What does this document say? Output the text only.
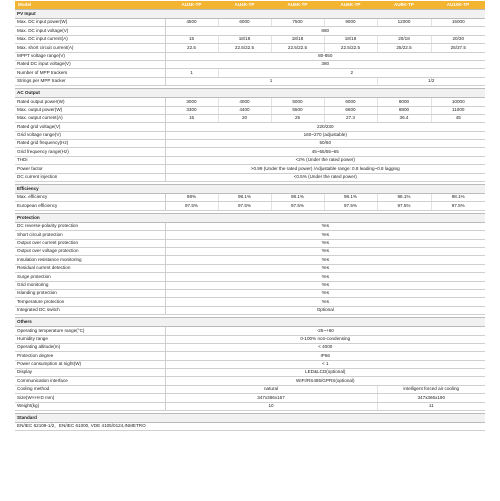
Model	AU3K-TP	AU4K-TP	AU5K-TP	AU6K-TP	AU8K-TP	AU10K-TP
PV Input						
Max. DC input power(W)	4500	6000	7500	9000	12000	15000
Max. DC input voltage(V)	880					
Max. DC input current(A)	15	18/18	18/18	18/18	20/18	20/30
Max. short circuit current(A)	22.5	22.5/22.5	22.5/22.5	22.5/22.5	25/22.5	25/37.5
MPPT voltage range(V)	80-850					
Rated DC input voltage(V)	380					
Number of MPP trackers	1	2				
Strings per MPP tracker	1				1/2	

AC Output						
Rated output power(W)	3000	4000	5000	6000	8000	10000
Max. output power(W)	3300	4400	5500	6600	8800	11000
Max. output current(A)	15	20	25	27.3	36.4	45
Rated grid voltage(V)	220/230					
Grid voltage range(V)	160~270 (adjustable)					
Rated grid frequency(Hz)	50/60					
Grid frequency range(Hz)	45~55/55~65					
THDi	<2% (Under the rated power)					
Power factor	>0.99 (Under the rated power) /Adjustable range: 0.8 leading~0.8 lagging					
DC current injection	<0.5% (Under the rated power)					

Efficiency						
Max. efficiency	98%	98.1%	98.1%	98.1%	98.1%	98.1%
European efficiency	97.5%	97.5%	97.5%	97.5%	97.5%	97.5%

Protection						
DC reverse-polarity protection	Yes					
Short circuit protection	Yes					
Output over current protection	Yes					
Output over voltage protection	Yes					
Insulation resistance monitoring	Yes					
Residual current detection	Yes					
Surge protection	Yes					
Grid monitoring	Yes					
Islanding protection	Yes					
Temperature protection	Yes					
Integrated DC switch	Optional					

Others						
Operating temperature range(°C)	-25~+60					
Humidity range	0-100% non-condensing					
Operating altitude(m)	< 4000					
Protection degree	IP66					
Power consumption at night(W)	< 1					
Display	LED&LCD(optional)					
Communication interface	WIFI/RS485/GPRS(optional)					
Cooling method	natural				intelligent forced air cooling	
Size(W×H×D mm)	347x366x167				347x366x190	
Weight(kg)	10				11	

Standard						
EN/IEC 62109-1/2，EN/IEC 61000, VDE 4105/0124,INMETRO						
